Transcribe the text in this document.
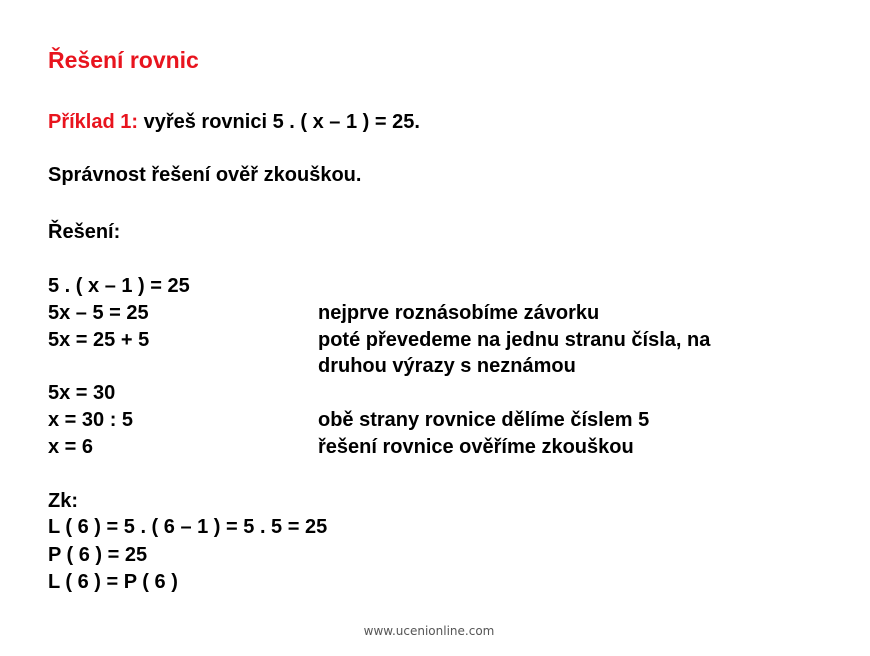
Řešení rovnic
Příklad 1: vyřeš rovnici 5 . ( x – 1 ) = 25.
Správnost řešení ověř zkouškou.
Řešení:
5 . ( x – 1 ) = 25
5x – 5 = 25
5x = 25 + 5
5x = 30
x = 30 : 5
x = 6
nejprve roznásobíme závorku
poté převedeme na jednu stranu čísla, na
druhou výrazy s neznámou
obě strany rovnice dělíme číslem 5
řešení rovnice ověříme zkouškou
Zk:
L ( 6 ) = 5 . ( 6 – 1 ) = 5 . 5 = 25
P ( 6 ) = 25
L ( 6 ) = P ( 6 )
www.ucenionline.com
